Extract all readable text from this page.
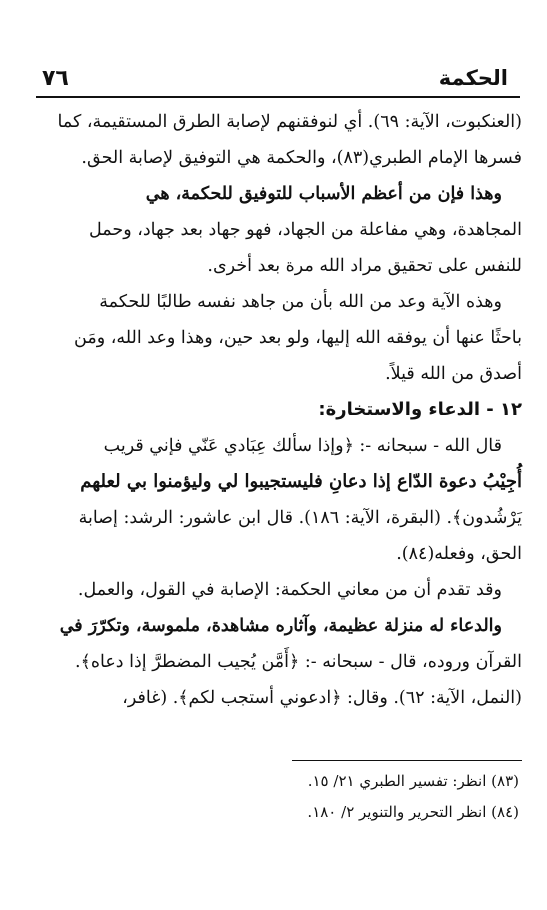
٧٦	الحكمة
(العنكبوت، الآية: ٦٩). أي لنوفقنهم لإصابة الطرق المستقيمة، كما
فسرها الإمام الطبري(٨٣)، والحكمة هي التوفيق لإصابة الحق.
وهذا فإن من أعظم الأسباب للتوفيق للحكمة، هي
المجاهدة، وهي مفاعلة من الجهاد، فهو جهاد بعد جهاد، وحمل
للنفس على تحقيق مراد الله مرة بعد أخرى.
وهذه الآية وعد من الله بأن من جاهد نفسه طالبًا للحكمة
باحثًا عنها أن يوفقه الله إليها، ولو بعد حين، وهذا وعد الله، ومَن
أصدق من الله قيلاً.
١٢ - الدعاء والاستخارة:
قال الله - سبحانه -: ﴿وإذا سألك عِبَادي عَنّي فإني قريب
أُجِيْبُ دعوة الدّاع إذا دعانِ فليستجيبوا لي وليؤمنوا بي لعلهم
يَرْشُدون﴾. (البقرة، الآية: ١٨٦). قال ابن عاشور: الرشد: إصابة
الحق، وفعله(٨٤).
وقد تقدم أن من معاني الحكمة: الإصابة في القول، والعمل.
والدعاء له منزلة عظيمة، وآثاره مشاهدة، ملموسة، وتكرّرَ في
القرآن وروده، قال - سبحانه -: ﴿أَمَّن يُجيب المضطرَّ إذا دعاه﴾.
(النمل، الآية: ٦٢). وقال: ﴿ادعوني أستجب لكم﴾. (غافر،
(٨٣) انظر: تفسير الطبري ٢١/ ١٥.
(٨٤) انظر التحرير والتنوير ٢/ ١٨٠.
